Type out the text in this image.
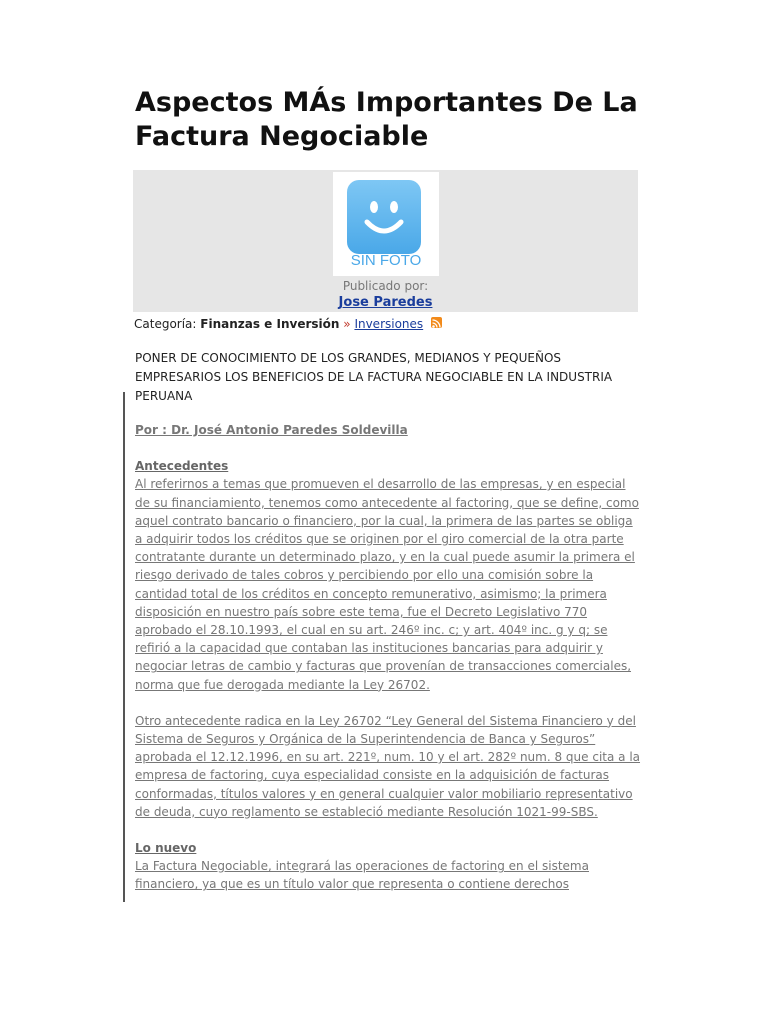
Aspectos MÁs Importantes De La Factura Negociable
SIN FOTO
Publicado por:
Jose Paredes
Categoría: Finanzas e Inversión » Inversiones

PONER DE CONOCIMIENTO DE LOS GRANDES, MEDIANOS Y PEQUEÑOS EMPRESARIOS LOS BENEFICIOS DE LA FACTURA NEGOCIABLE EN LA INDUSTRIA PERUANA

Por : Dr. José Antonio Paredes Soldevilla

Antecedentes

Al referirnos a temas que promueven el desarrollo de las empresas, y en especial de su financiamiento, tenemos como antecedente al factoring, que se define, como aquel contrato bancario o financiero, por la cual, la primera de las partes se obliga a adquirir todos los créditos que se originen por el giro comercial de la otra parte contratante durante un determinado plazo, y en la cual puede asumir la primera el riesgo derivado de tales cobros y percibiendo por ello una comisión sobre la cantidad total de los créditos en concepto remunerativo, asimismo; la primera disposición en nuestro país sobre este tema, fue el Decreto Legislativo 770 aprobado el 28.10.1993, el cual en su art. 246º inc. c; y art. 404º inc. g y q; se refirió a la capacidad que contaban las instituciones bancarias para adquirir y negociar letras de cambio y facturas que provenían de transacciones comerciales, norma que fue derogada mediante la Ley 26702.

Otro antecedente radica en la Ley 26702 “Ley General del Sistema Financiero y del Sistema de Seguros y Orgánica de la Superintendencia de Banca y Seguros” aprobada el 12.12.1996, en su art. 221º, num. 10 y el art. 282º num. 8 que cita a la empresa de factoring, cuya especialidad consiste en la adquisición de facturas conformadas, títulos valores y en general cualquier valor mobiliario representativo de deuda, cuyo reglamento se estableció mediante Resolución 1021-99-SBS.

Lo nuevo

La Factura Negociable, integrará las operaciones de factoring en el sistema financiero, ya que es un título valor que representa o contiene derechos
